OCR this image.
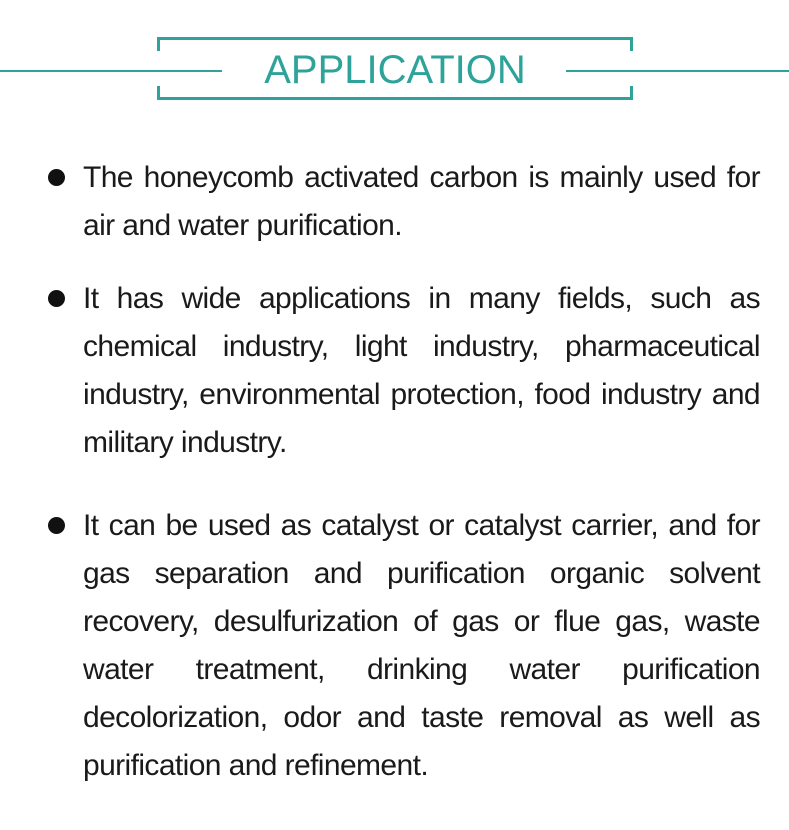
APPLICATION
The honeycomb activated carbon is mainly used for air and water purification.
It has wide applications in many fields, such as chemical industry, light industry, pharmaceutical industry, environmental protection, food industry and military industry.
It can be used as catalyst or catalyst carrier, and for gas separation and purification organic solvent recovery, desulfurization of gas or flue gas, waste water treatment, drinking water purification decolorization, odor and taste removal as well as purification and refinement.
